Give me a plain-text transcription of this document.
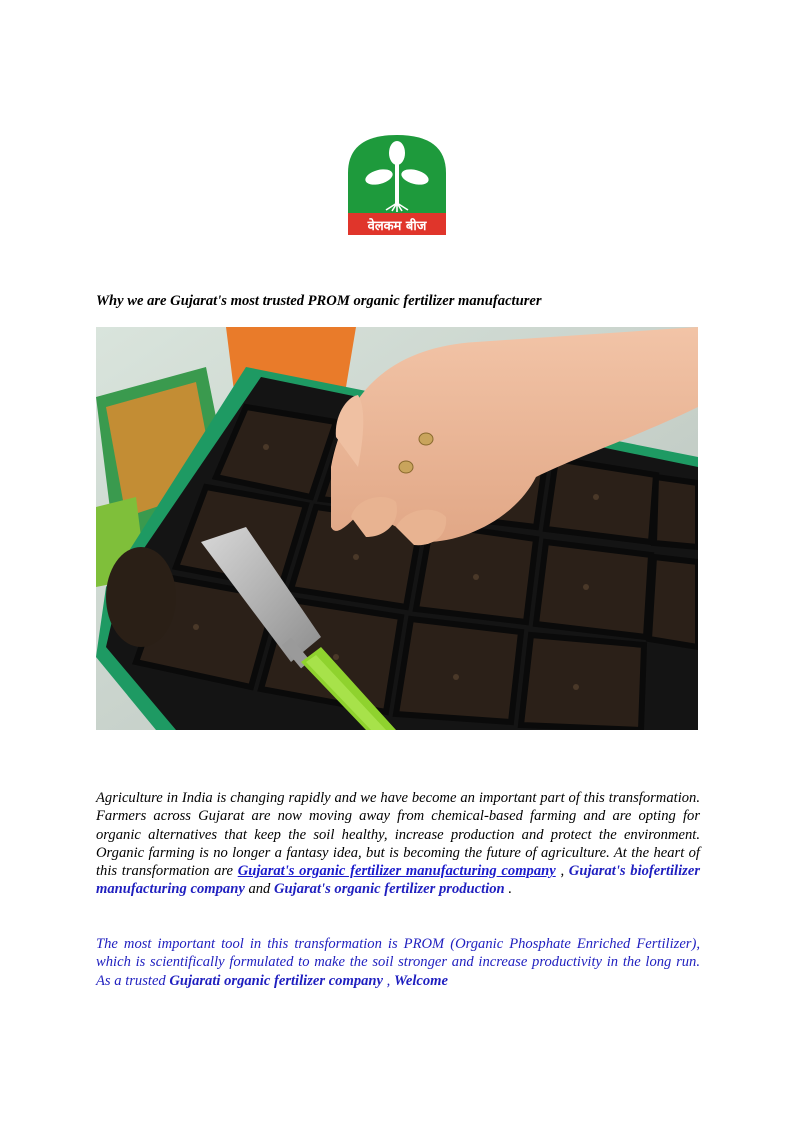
वेलकम बीज

Why we are Gujarat's most trusted PROM organic fertilizer manufacturer

Agriculture in India is changing rapidly and we have become an important part of this transformation. Farmers across Gujarat are now moving away from chemical-based farming and are opting for organic alternatives that keep the soil healthy, increase production and protect the environment. Organic farming is no longer a fantasy idea, but is becoming the future of agriculture. At the heart of this transformation are Gujarat's organic fertilizer manufacturing company , Gujarat's biofertilizer manufacturing company and Gujarat's organic fertilizer production .

The most important tool in this transformation is PROM (Organic Phosphate Enriched Fertilizer), which is scientifically formulated to make the soil stronger and increase productivity in the long run. As a trusted Gujarati organic fertilizer company , Welcome
